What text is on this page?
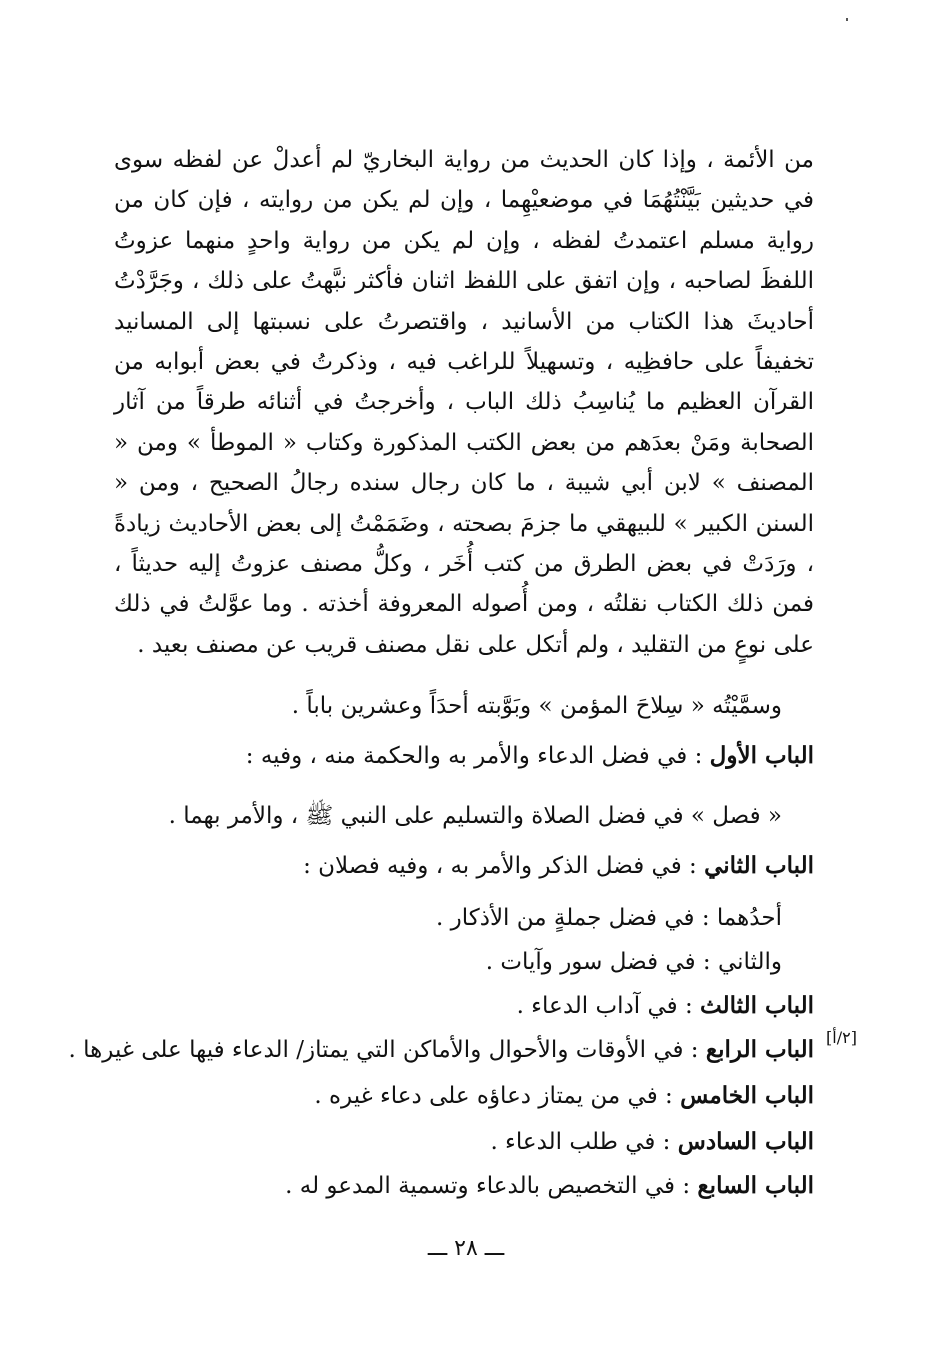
من الأئمة ، وإذا كان الحديث من رواية البخاريّ لم أعدلْ عن لفظه سوى في حديثين بَيَّنْتُهُمَا في موضعيْهِما ، وإن لم يكن من روايته ، فإن كان من رواية مسلم اعتمدتُ لفظه ، وإن لم يكن من رواية واحدٍ منهما عزوتُ اللفظَ لصاحبه ، وإن اتفق على اللفظ اثنان فأكثر نبَّهتُ على ذلك ، وجَرَّدْتُ أحاديثَ هذا الكتاب من الأسانيد ، واقتصرتُ على نسبتها إلى المسانيد تخفيفاً على حافظِيه ، وتسهيلاً للراغب فيه ، وذكرتُ في بعض أبوابه من القرآن العظيم ما يُناسِبُ ذلك الباب ، وأخرجتُ في أثنائه طرقاً من آثار الصحابة ومَنْ بعدَهم من بعض الكتب المذكورة وكتاب « الموطأ » ومن « المصنف » لابن أبي شيبة ، ما كان رجال سنده رجالُ الصحيح ، ومن « السنن الكبير » للبيهقي ما جزمَ بصحته ، وضَمَمْتُ إلى بعض الأحاديث زيادةً ، ورَدَتْ في بعض الطرق من كتب أُخَر ، وكلُّ مصنف عزوتُ إليه حديثاً ، فمن ذلك الكتاب نقلتُه ، ومن أُصوله المعروفة أخذته . وما عوَّلتُ في ذلك على نوعٍ من التقليد ، ولم أتكل على نقل مصنف قريب عن مصنف بعيد .

وسمَّيْتُه « سِلاحَ المؤمن » وبَوَّبته أحدَاً وعشرين باباً .

الباب الأول : في فضل الدعاء والأمر به والحكمة منه ، وفيه :

« فصل » في فضل الصلاة والتسليم على النبي ﷺ ، والأمر بهما .

الباب الثاني : في فضل الذكر والأمر به ، وفيه فصلان :

أحدُهما : في فضل جملةٍ من الأذكار .

والثاني : في فضل سور وآيات .

الباب الثالث : في آداب الدعاء .

الباب الرابع : في الأوقات والأحوال والأماكن التي يمتاز/ الدعاء فيها على غيرها .	[٢/أ]

الباب الخامس : في من يمتاز دعاؤه على دعاء غيره .

الباب السادس : في طلب الدعاء .

الباب السابع : في التخصيص بالدعاء وتسمية المدعو له .

ـــ ٢٨ ـــ
